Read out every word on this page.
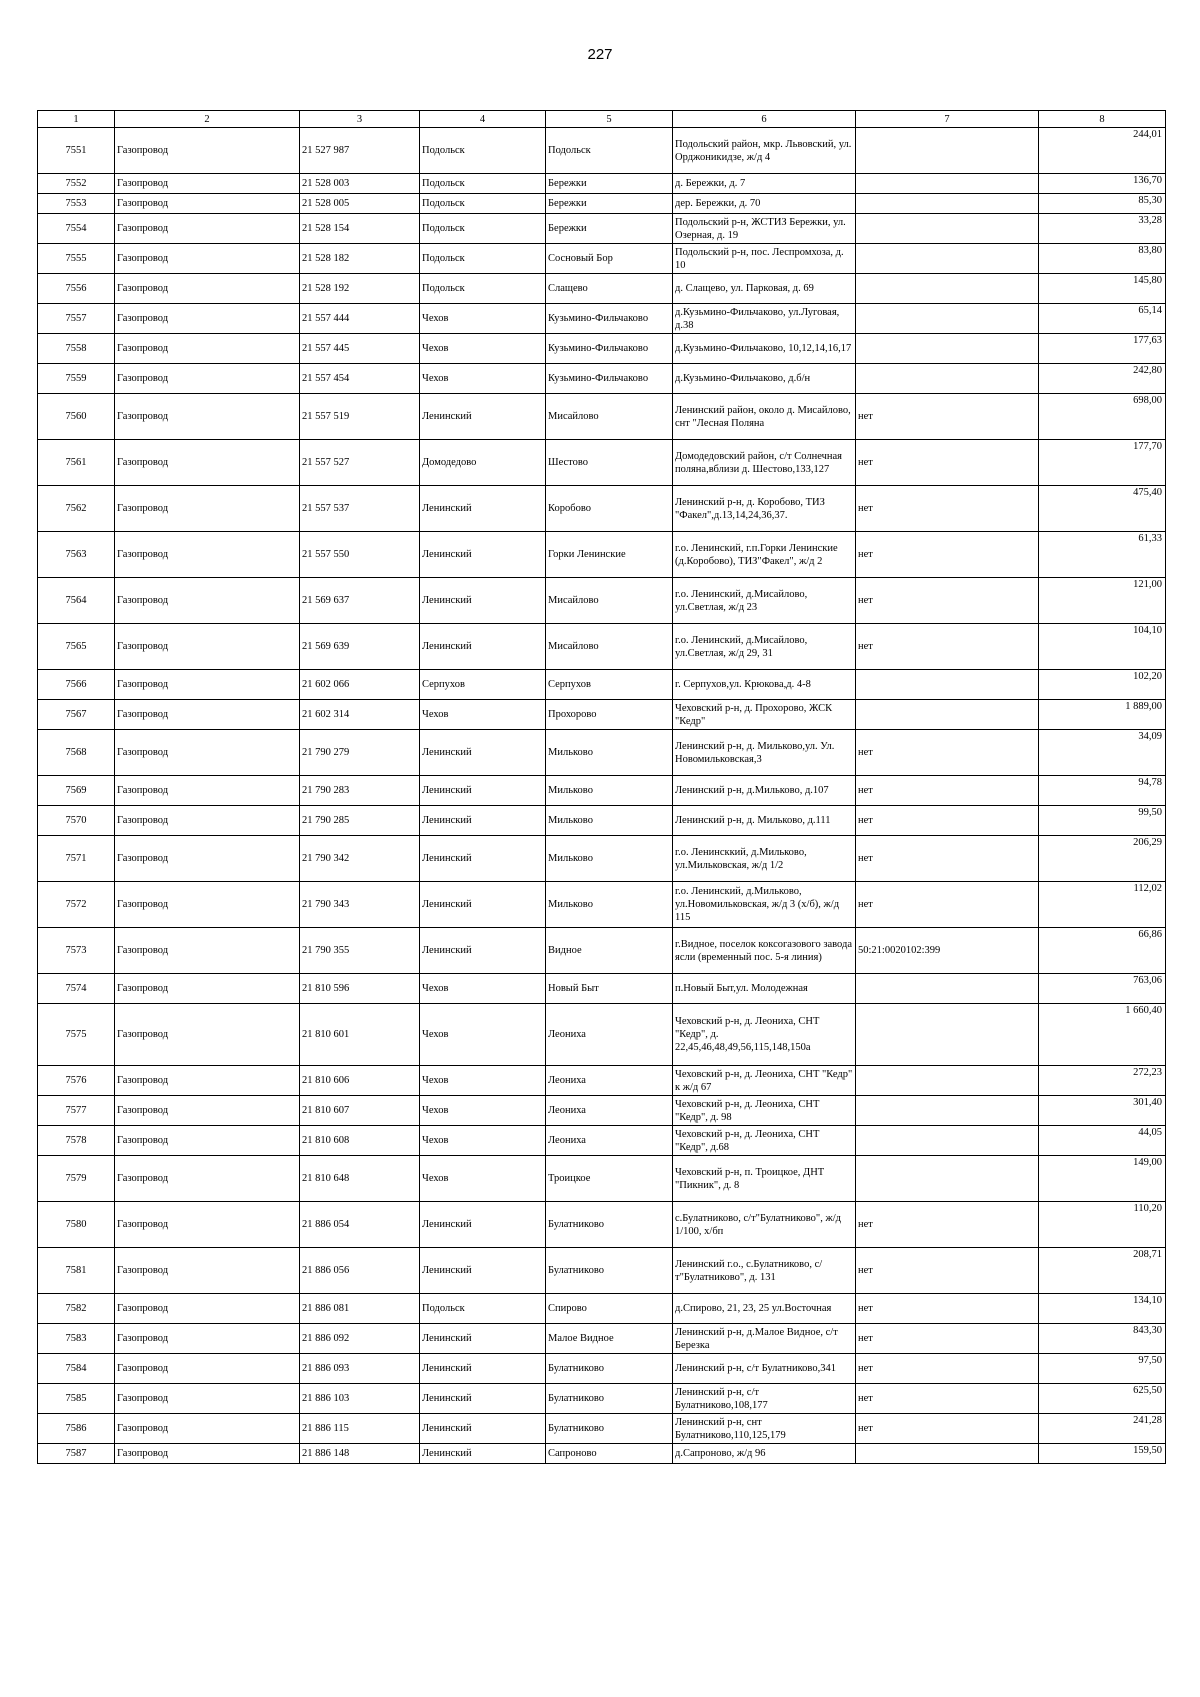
227
1	2	3	4	5	6	7	8
7551	Газопровод	21 527 987	Подольск	Подольск	Подольский район, мкр. Львовский, ул. Орджоникидзе, ж/д 4		244,01
7552	Газопровод	21 528 003	Подольск	Бережки	д. Бережки, д. 7		136,70
7553	Газопровод	21 528 005	Подольск	Бережки	дер. Бережки, д. 70		85,30
7554	Газопровод	21 528 154	Подольск	Бережки	Подольский р-н, ЖСТИЗ Бережки, ул. Озерная, д. 19		33,28
7555	Газопровод	21 528 182	Подольск	Сосновый Бор	Подольский р-н, пос. Леспромхоза, д. 10		83,80
7556	Газопровод	21 528 192	Подольск	Слащево	д. Слащево, ул. Парковая, д. 69		145,80
7557	Газопровод	21 557 444	Чехов	Кузьмино-Фильчаково	д.Кузьмино-Фильчаково, ул.Луговая, д.38		65,14
7558	Газопровод	21 557 445	Чехов	Кузьмино-Фильчаково	д.Кузьмино-Фильчаково, 10,12,14,16,17		177,63
7559	Газопровод	21 557 454	Чехов	Кузьмино-Фильчаково	д.Кузьмино-Фильчаково, д.б/н		242,80
7560	Газопровод	21 557 519	Ленинский	Мисайлово	Ленинский район, около д. Мисайлово, снт "Лесная Поляна	нет	698,00
7561	Газопровод	21 557 527	Домодедово	Шестово	Домодедовский район, с/т Солнечная поляна,вблизи д. Шестово,133,127	нет	177,70
7562	Газопровод	21 557 537	Ленинский	Коробово	Ленинский р-н, д. Коробово, ТИЗ "Факел",д.13,14,24,36,37.	нет	475,40
7563	Газопровод	21 557 550	Ленинский	Горки Ленинские	г.о. Ленинский, г.п.Горки Ленинские (д.Коробово), ТИЗ"Факел", ж/д 2	нет	61,33
7564	Газопровод	21 569 637	Ленинский	Мисайлово	г.о. Ленинский, д.Мисайлово, ул.Светлая, ж/д 23	нет	121,00
7565	Газопровод	21 569 639	Ленинский	Мисайлово	г.о. Ленинский, д.Мисайлово, ул.Светлая, ж/д 29, 31	нет	104,10
7566	Газопровод	21 602 066	Серпухов	Серпухов	г. Серпухов,ул. Крюкова,д. 4-8		102,20
7567	Газопровод	21 602 314	Чехов	Прохорово	Чеховский р-н, д. Прохорово, ЖСК "Кедр"		1 889,00
7568	Газопровод	21 790 279	Ленинский	Мильково	Ленинский р-н, д. Мильково,ул. Ул. Новомильковская,3	нет	34,09
7569	Газопровод	21 790 283	Ленинский	Мильково	Ленинский р-н, д.Мильково, д.107	нет	94,78
7570	Газопровод	21 790 285	Ленинский	Мильково	Ленинский р-н, д. Мильково, д.111	нет	99,50
7571	Газопровод	21 790 342	Ленинский	Мильково	г.о. Ленинсккий, д.Мильково, ул.Мильковская, ж/д 1/2	нет	206,29
7572	Газопровод	21 790 343	Ленинский	Мильково	г.о. Ленинский, д.Мильково, ул.Новомильковская, ж/д 3 (х/б), ж/д 115	нет	112,02
7573	Газопровод	21 790 355	Ленинский	Видное	г.Видное, поселок коксогазового завода ясли (временный пос. 5-я линия)	50:21:0020102:399	66,86
7574	Газопровод	21 810 596	Чехов	Новый Быт	п.Новый Быт,ул. Молодежная		763,06
7575	Газопровод	21 810 601	Чехов	Леониха	Чеховский р-н, д. Леониха, СНТ "Кедр", д. 22,45,46,48,49,56,115,148,150а		1 660,40
7576	Газопровод	21 810 606	Чехов	Леониха	Чеховский р-н, д. Леониха, СНТ "Кедр" к ж/д 67		272,23
7577	Газопровод	21 810 607	Чехов	Леониха	Чеховский р-н, д. Леониха, СНТ "Кедр", д. 98		301,40
7578	Газопровод	21 810 608	Чехов	Леониха	Чеховский р-н, д. Леониха, СНТ "Кедр", д.68		44,05
7579	Газопровод	21 810 648	Чехов	Троицкое	Чеховский р-н, п. Троицкое, ДНТ "Пикник", д. 8		149,00
7580	Газопровод	21 886 054	Ленинский	Булатниково	с.Булатниково, с/т"Булатниково", ж/д 1/100, х/бп	нет	110,20
7581	Газопровод	21 886 056	Ленинский	Булатниково	Ленинский г.о., с.Булатниково, с/т"Булатниково", д. 131	нет	208,71
7582	Газопровод	21 886 081	Подольск	Спирово	д.Спирово, 21, 23, 25 ул.Восточная	нет	134,10
7583	Газопровод	21 886 092	Ленинский	Малое Видное	Ленинский р-н, д.Малое Видное, с/т Березка	нет	843,30
7584	Газопровод	21 886 093	Ленинский	Булатниково	Ленинский р-н, с/т Булатниково,341	нет	97,50
7585	Газопровод	21 886 103	Ленинский	Булатниково	Ленинский р-н, с/т Булатниково,108,177	нет	625,50
7586	Газопровод	21 886 115	Ленинский	Булатниково	Ленинский р-н, снт Булатниково,110,125,179	нет	241,28
7587	Газопровод	21 886 148	Ленинский	Сапроново	д.Сапроново, ж/д 96		159,50
